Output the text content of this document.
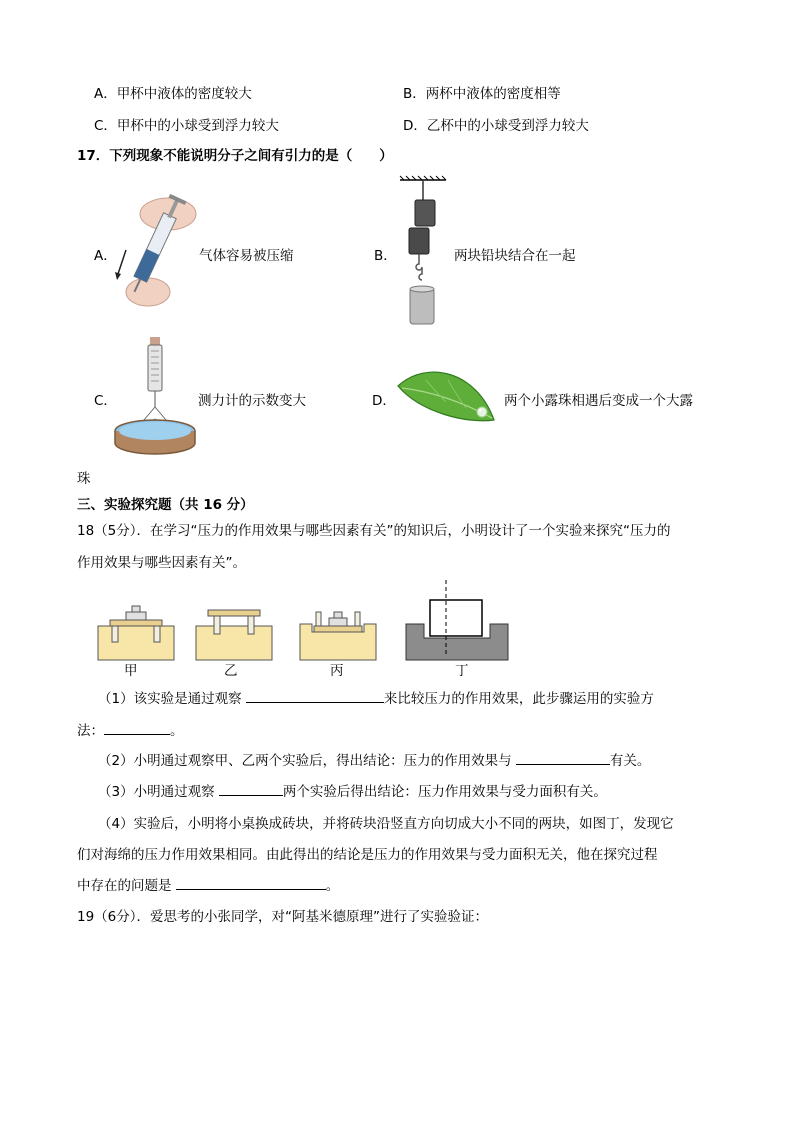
A．甲杯中液体的密度较大	B．两杯中液体的密度相等
C．甲杯中的小球受到浮力较大	D．乙杯中的小球受到浮力较大
17．下列现象不能说明分子之间有引力的是（　　）
A．	气体容易被压缩	B．	两块铅块结合在一起
C．	测力计的示数变大	D．	两个小露珠相遇后变成一个大露
珠
三、实验探究题（共 16 分）
18（5分）．在学习“压力的作用效果与哪些因素有关”的知识后，小明设计了一个实验来探究“压力的
作用效果与哪些因素有关”。
甲	乙	丙	丁
（1）该实验是通过观察	来比较压力的作用效果，此步骤运用的实验方
法：	。
（2）小明通过观察甲、乙两个实验后，得出结论：压力的作用效果与	有关。
（3）小明通过观察	两个实验后得出结论：压力作用效果与受力面积有关。
（4）实验后，小明将小桌换成砖块，并将砖块沿竖直方向切成大小不同的两块，如图丁，发现它
们对海绵的压力作用效果相同。由此得出的结论是压力的作用效果与受力面积无关，他在探究过程
中存在的问题是	。
19（6分）．爱思考的小张同学，对“阿基米德原理”进行了实验验证：
